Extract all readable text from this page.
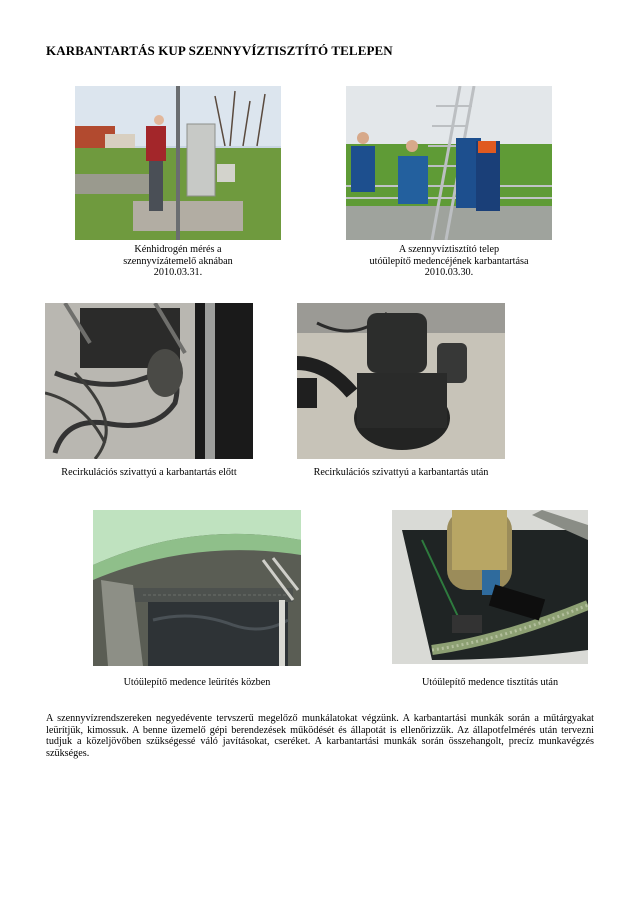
KARBANTARTÁS KUP SZENNYVÍZTISZTÍTÓ TELEPEN
Kénhidrogén mérés a
szennyvízátemelő aknában
2010.03.31.
A szennyvíztisztító telep
utóülepítő medencéjének karbantartása
2010.03.30.
Recirkulációs szivattyú a karbantartás előtt	Recirkulációs szivattyú a karbantartás után
Utóülepítő medence leürítés közben	Utóülepítő medence tisztítás után
A szennyvízrendszereken negyedévente tervszerű megelőző munkálatokat végzünk. A karbantartási munkák során a műtárgyakat leürítjük, kimossuk. A benne üzemelő gépi berendezések működését és állapotát is ellenőrizzük. Az állapotfelmérés után tervezni tudjuk a közeljövőben szükségessé váló javításokat, cseréket. A karbantartási munkák során összehangolt, precíz munkavégzés szükséges.
